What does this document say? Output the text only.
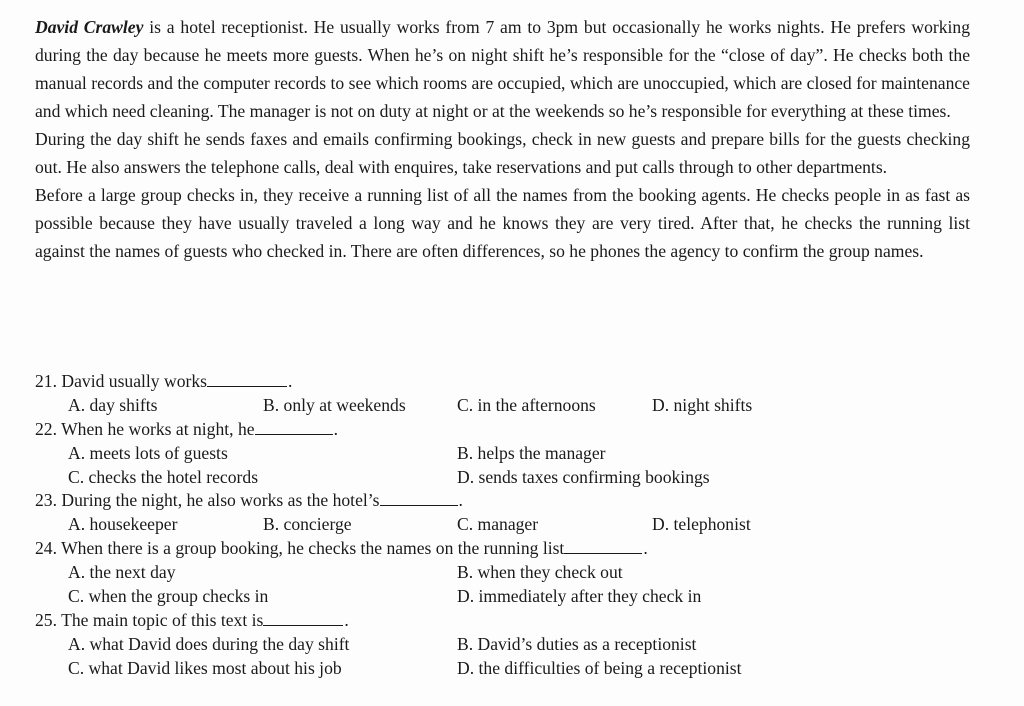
David Crawley is a hotel receptionist. He usually works from 7 am to 3pm but occasionally he works nights. He prefers working during the day because he meets more guests. When he’s on night shift he’s responsible for the “close of day”. He checks both the manual records and the computer records to see which rooms are occupied, which are unoccupied, which are closed for maintenance and which need cleaning. The manager is not on duty at night or at the weekends so he’s responsible for everything at these times.

During the day shift he sends faxes and emails confirming bookings, check in new guests and prepare bills for the guests checking out. He also answers the telephone calls, deal with enquires, take reservations and put calls through to other departments.

Before a large group checks in, they receive a running list of all the names from the booking agents. He checks people in as fast as possible because they have usually traveled a long way and he knows they are very tired. After that, he checks the running list against the names of guests who checked in. There are often differences, so he phones the agency to confirm the group names.

21. David usually works	.
A. day shifts	B. only at weekends	C. in the afternoons	D. night shifts
22. When he works at night, he	.
A. meets lots of guests	B. helps the manager
C. checks the hotel records	D. sends taxes confirming bookings
23. During the night, he also works as the hotel’s	.
A. housekeeper	B. concierge	C. manager	D. telephonist
24. When there is a group booking, he checks the names on the running list	.
A. the next day	B. when they check out
C. when the group checks in	D. immediately after they check in
25. The main topic of this text is	.
A. what David does during the day shift	B. David’s duties as a receptionist
C. what David likes most about his job	D. the difficulties of being a receptionist
